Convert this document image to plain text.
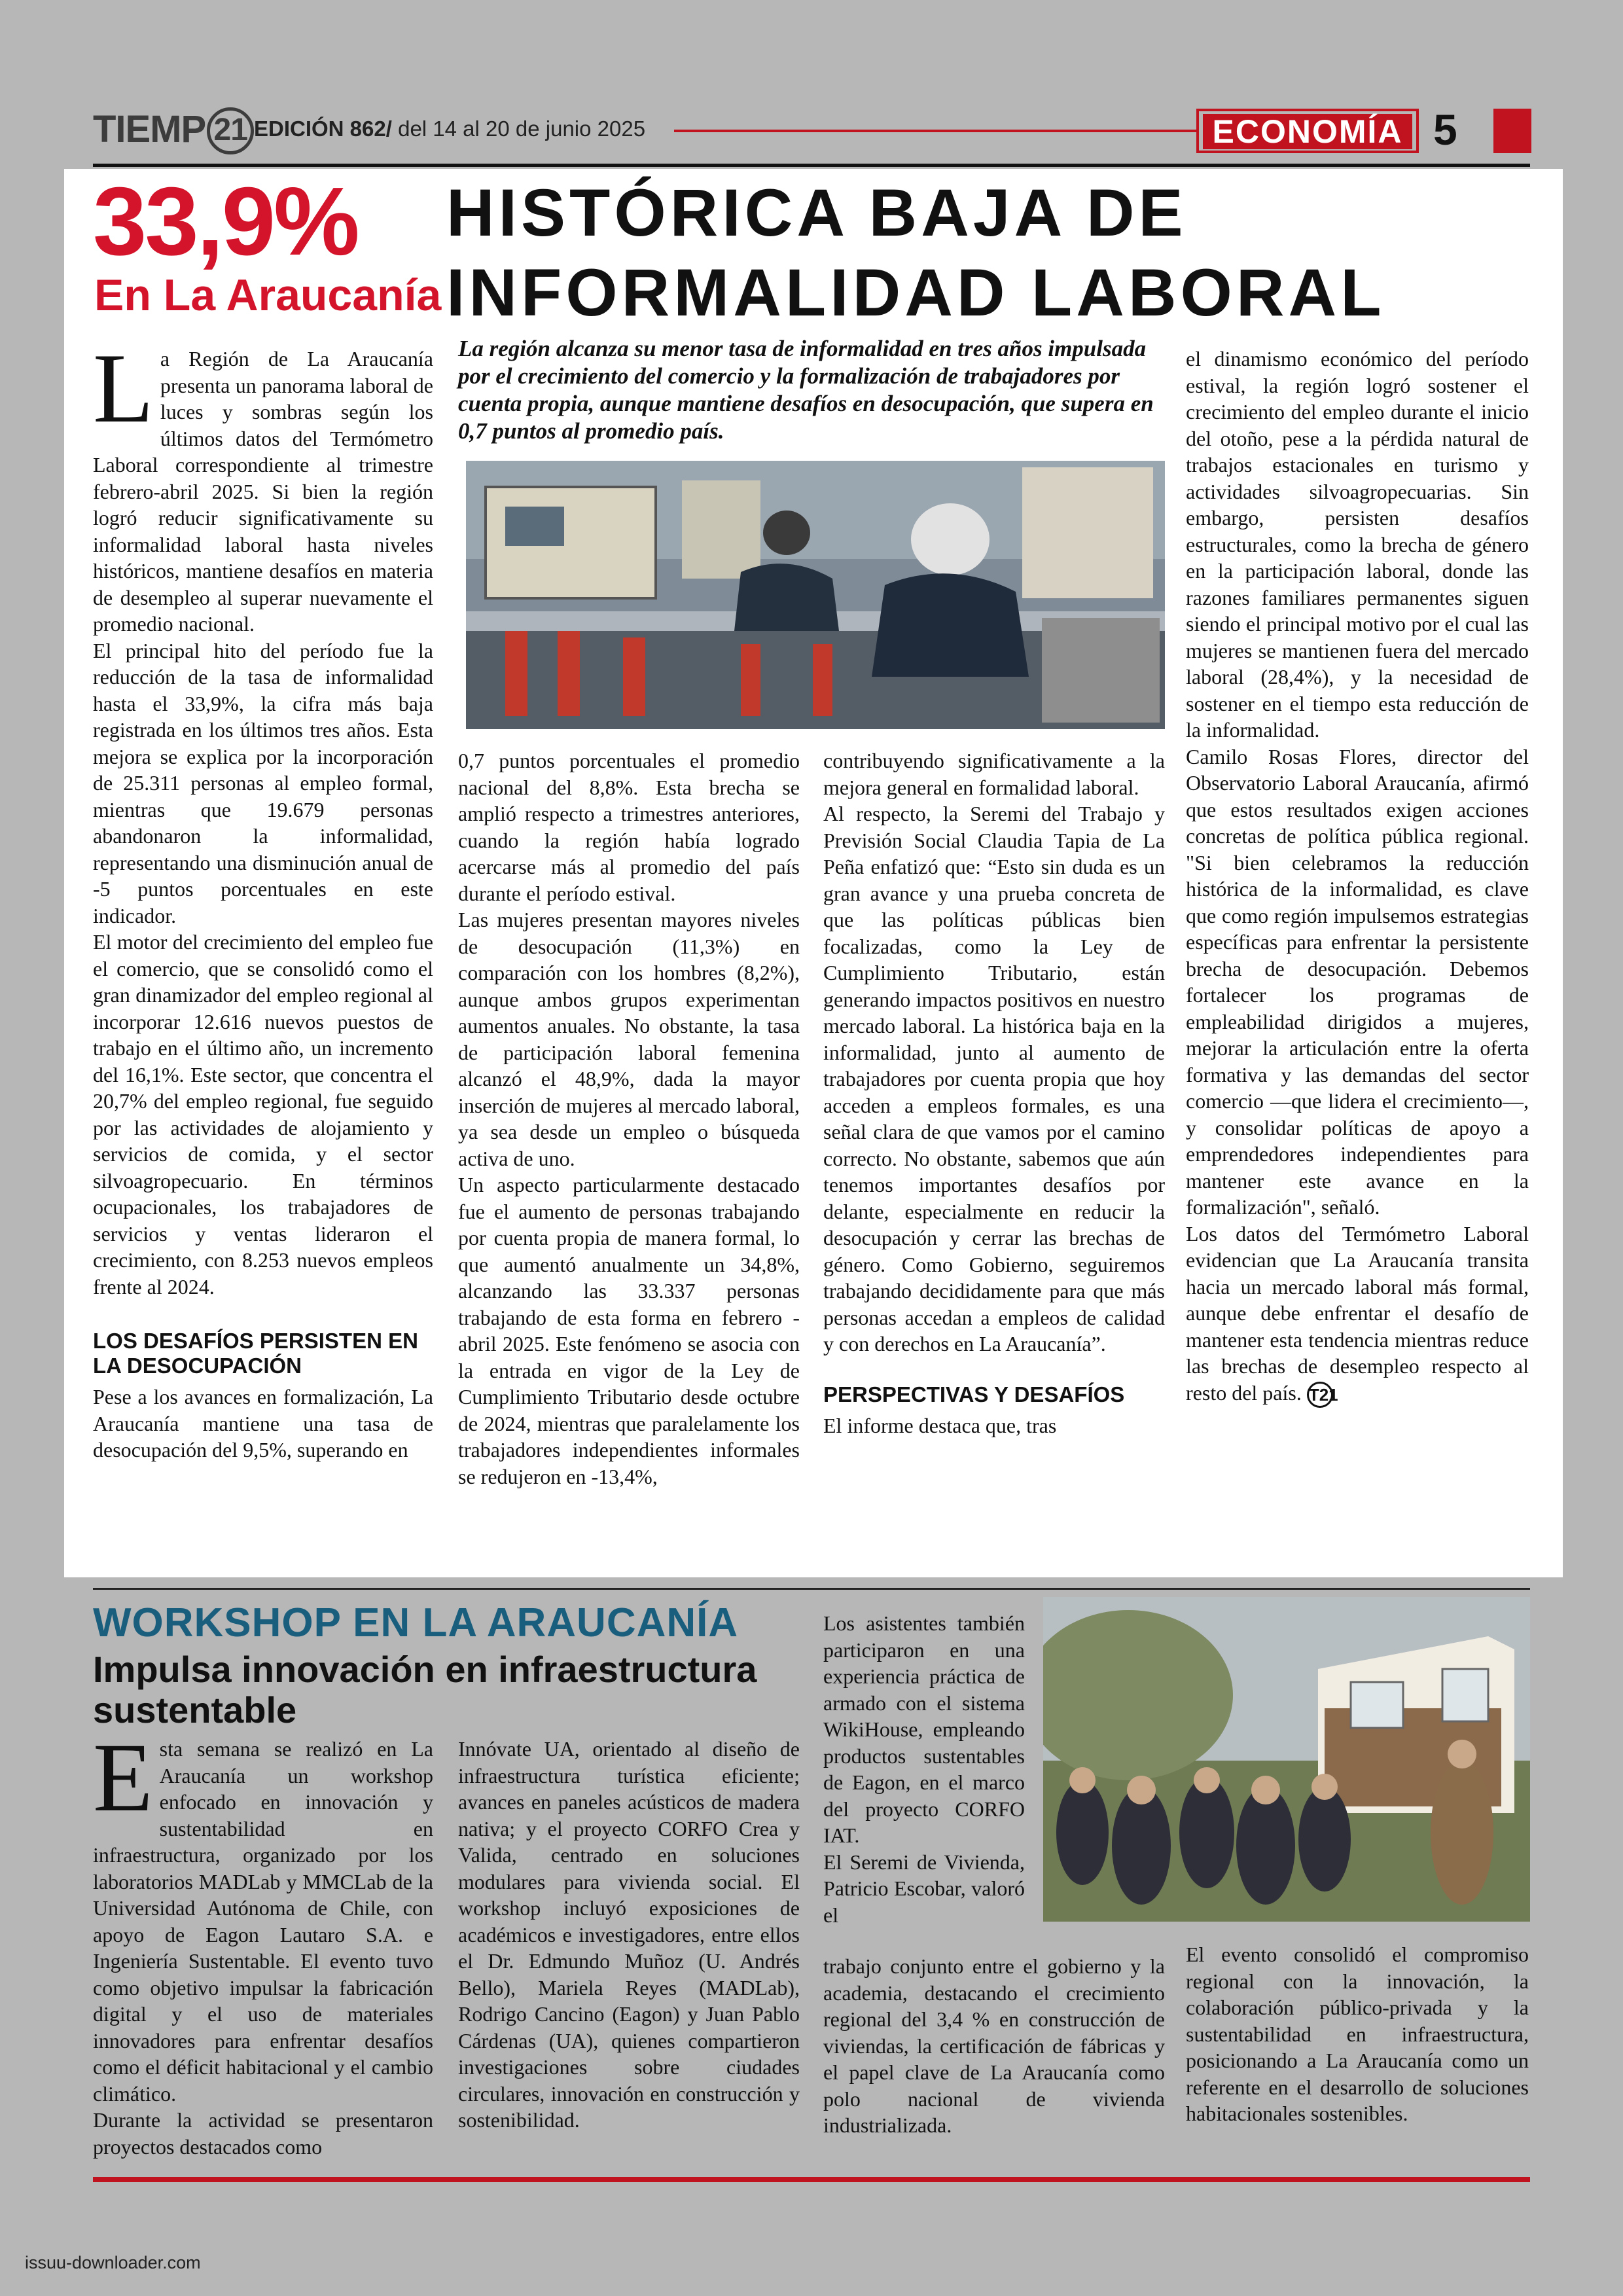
TIEMP 21 EDICIÓN 862/ del 14 al 20 de junio 2025	ECONOMÍA 5
33,9%
En La Araucanía
HISTÓRICA BAJA DE
INFORMALIDAD LABORAL
La región alcanza su menor tasa de informalidad en tres años impulsada por el crecimiento del comercio y la formalización de trabajadores por cuenta propia, aunque mantiene desafíos en desocupación, que supera en 0,7 puntos al promedio país.

La Región de La Araucanía presenta un panorama laboral de luces y sombras según los últimos datos del Termómetro Laboral correspondiente al trimestre febrero-abril 2025. Si bien la región logró reducir significativamente su informalidad laboral hasta niveles históricos, mantiene desafíos en materia de desempleo al superar nuevamente el promedio nacional.

El principal hito del período fue la reducción de la tasa de informalidad hasta el 33,9%, la cifra más baja registrada en los últimos tres años. Esta mejora se explica por la incorporación de 25.311 personas al empleo formal, mientras que 19.679 personas abandonaron la informalidad, representando una disminución anual de -5 puntos porcentuales en este indicador.

El motor del crecimiento del empleo fue el comercio, que se consolidó como el gran dinamizador del empleo regional al incorporar 12.616 nuevos puestos de trabajo en el último año, un incremento del 16,1%. Este sector, que concentra el 20,7% del empleo regional, fue seguido por las actividades de alojamiento y servicios de comida, y el sector silvoagropecuario. En términos ocupacionales, los trabajadores de servicios y ventas lideraron el crecimiento, con 8.253 nuevos empleos frente al 2024.

LOS DESAFÍOS PERSISTEN EN LA DESOCUPACIÓN

Pese a los avances en formalización, La Araucanía mantiene una tasa de desocupación del 9,5%, superando en

0,7 puntos porcentuales el promedio nacional del 8,8%. Esta brecha se amplió respecto a trimestres anteriores, cuando la región había logrado acercarse más al promedio del país durante el período estival.

Las mujeres presentan mayores niveles de desocupación (11,3%) en comparación con los hombres (8,2%), aunque ambos grupos experimentan aumentos anuales. No obstante, la tasa de participación laboral femenina alcanzó el 48,9%, dada la mayor inserción de mujeres al mercado laboral, ya sea desde un empleo o búsqueda activa de uno.

Un aspecto particularmente destacado fue el aumento de personas trabajando por cuenta propia de manera formal, lo que aumentó anualmente un 34,8%, alcanzando las 33.337 personas trabajando de esta forma en febrero - abril 2025. Este fenómeno se asocia con la entrada en vigor de la Ley de Cumplimiento Tributario desde octubre de 2024, mientras que paralelamente los trabajadores independientes informales se redujeron en -13,4%,

contribuyendo significativamente a la mejora general en formalidad laboral.

Al respecto, la Seremi del Trabajo y Previsión Social Claudia Tapia de La Peña enfatizó que: “Esto sin duda es un gran avance y una prueba concreta de que las políticas públicas bien focalizadas, como la Ley de Cumplimiento Tributario, están generando impactos positivos en nuestro mercado laboral. La histórica baja en la informalidad, junto al aumento de trabajadores por cuenta propia que hoy acceden a empleos formales, es una señal clara de que vamos por el camino correcto. No obstante, sabemos que aún tenemos importantes desafíos por delante, especialmente en reducir la desocupación y cerrar las brechas de género. Como Gobierno, seguiremos trabajando decididamente para que más personas accedan a empleos de calidad y con derechos en La Araucanía”.

PERSPECTIVAS Y DESAFÍOS

El informe destaca que, tras

el dinamismo económico del período estival, la región logró sostener el crecimiento del empleo durante el inicio del otoño, pese a la pérdida natural de trabajos estacionales en turismo y actividades silvoagropecuarias. Sin embargo, persisten desafíos estructurales, como la brecha de género en la participación laboral, donde las razones familiares permanentes siguen siendo el principal motivo por el cual las mujeres se mantienen fuera del mercado laboral (28,4%), y la necesidad de sostener en el tiempo esta reducción de la informalidad.

Camilo Rosas Flores, director del Observatorio Laboral Araucanía, afirmó que estos resultados exigen acciones concretas de política pública regional. "Si bien celebramos la reducción histórica de la informalidad, es clave que como región impulsemos estrategias específicas para enfrentar la persistente brecha de desocupación. Debemos fortalecer los programas de empleabilidad dirigidos a mujeres, mejorar la articulación entre la oferta formativa y las demandas del sector comercio —que lidera el crecimiento—, y consolidar políticas de apoyo a emprendedores independientes para mantener este avance en la formalización", señaló.

Los datos del Termómetro Laboral evidencian que La Araucanía transita hacia un mercado laboral más formal, aunque debe enfrentar el desafío de mantener esta tendencia mientras reduce las brechas de desempleo respecto al resto del país. T21

WORKSHOP EN LA ARAUCANÍA
Impulsa innovación en infraestructura sustentable

Esta semana se realizó en La Araucanía un workshop enfocado en innovación y sustentabilidad en infraestructura, organizado por los laboratorios MADLab y MMCLab de la Universidad Autónoma de Chile, con apoyo de Eagon Lautaro S.A. e Ingeniería Sustentable. El evento tuvo como objetivo impulsar la fabricación digital y el uso de materiales innovadores para enfrentar desafíos como el déficit habitacional y el cambio climático.

Durante la actividad se presentaron proyectos destacados como

Innóvate UA, orientado al diseño de infraestructura turística eficiente; avances en paneles acústicos de madera nativa; y el proyecto CORFO Crea y Valida, centrado en soluciones modulares para vivienda social. El workshop incluyó exposiciones de académicos e investigadores, entre ellos el Dr. Edmundo Muñoz (U. Andrés Bello), Mariela Reyes (MADLab), Rodrigo Cancino (Eagon) y Juan Pablo Cárdenas (UA), quienes compartieron investigaciones sobre ciudades circulares, innovación en construcción y sostenibilidad.

Los asistentes también participaron en una experiencia práctica de armado con el sistema WikiHouse, empleando productos sustentables de Eagon, en el marco del proyecto CORFO IAT.

El Seremi de Vivienda, Patricio Escobar, valoró el

trabajo conjunto entre el gobierno y la academia, destacando el crecimiento regional del 3,4 % en construcción de viviendas, la certificación de fábricas y el papel clave de La Araucanía como polo nacional de vivienda industrializada.

El evento consolidó el compromiso regional con la innovación, la colaboración público-privada y la sustentabilidad en infraestructura, posicionando a La Araucanía como un referente en el desarrollo de soluciones habitacionales sostenibles.

issuu-downloader.com
